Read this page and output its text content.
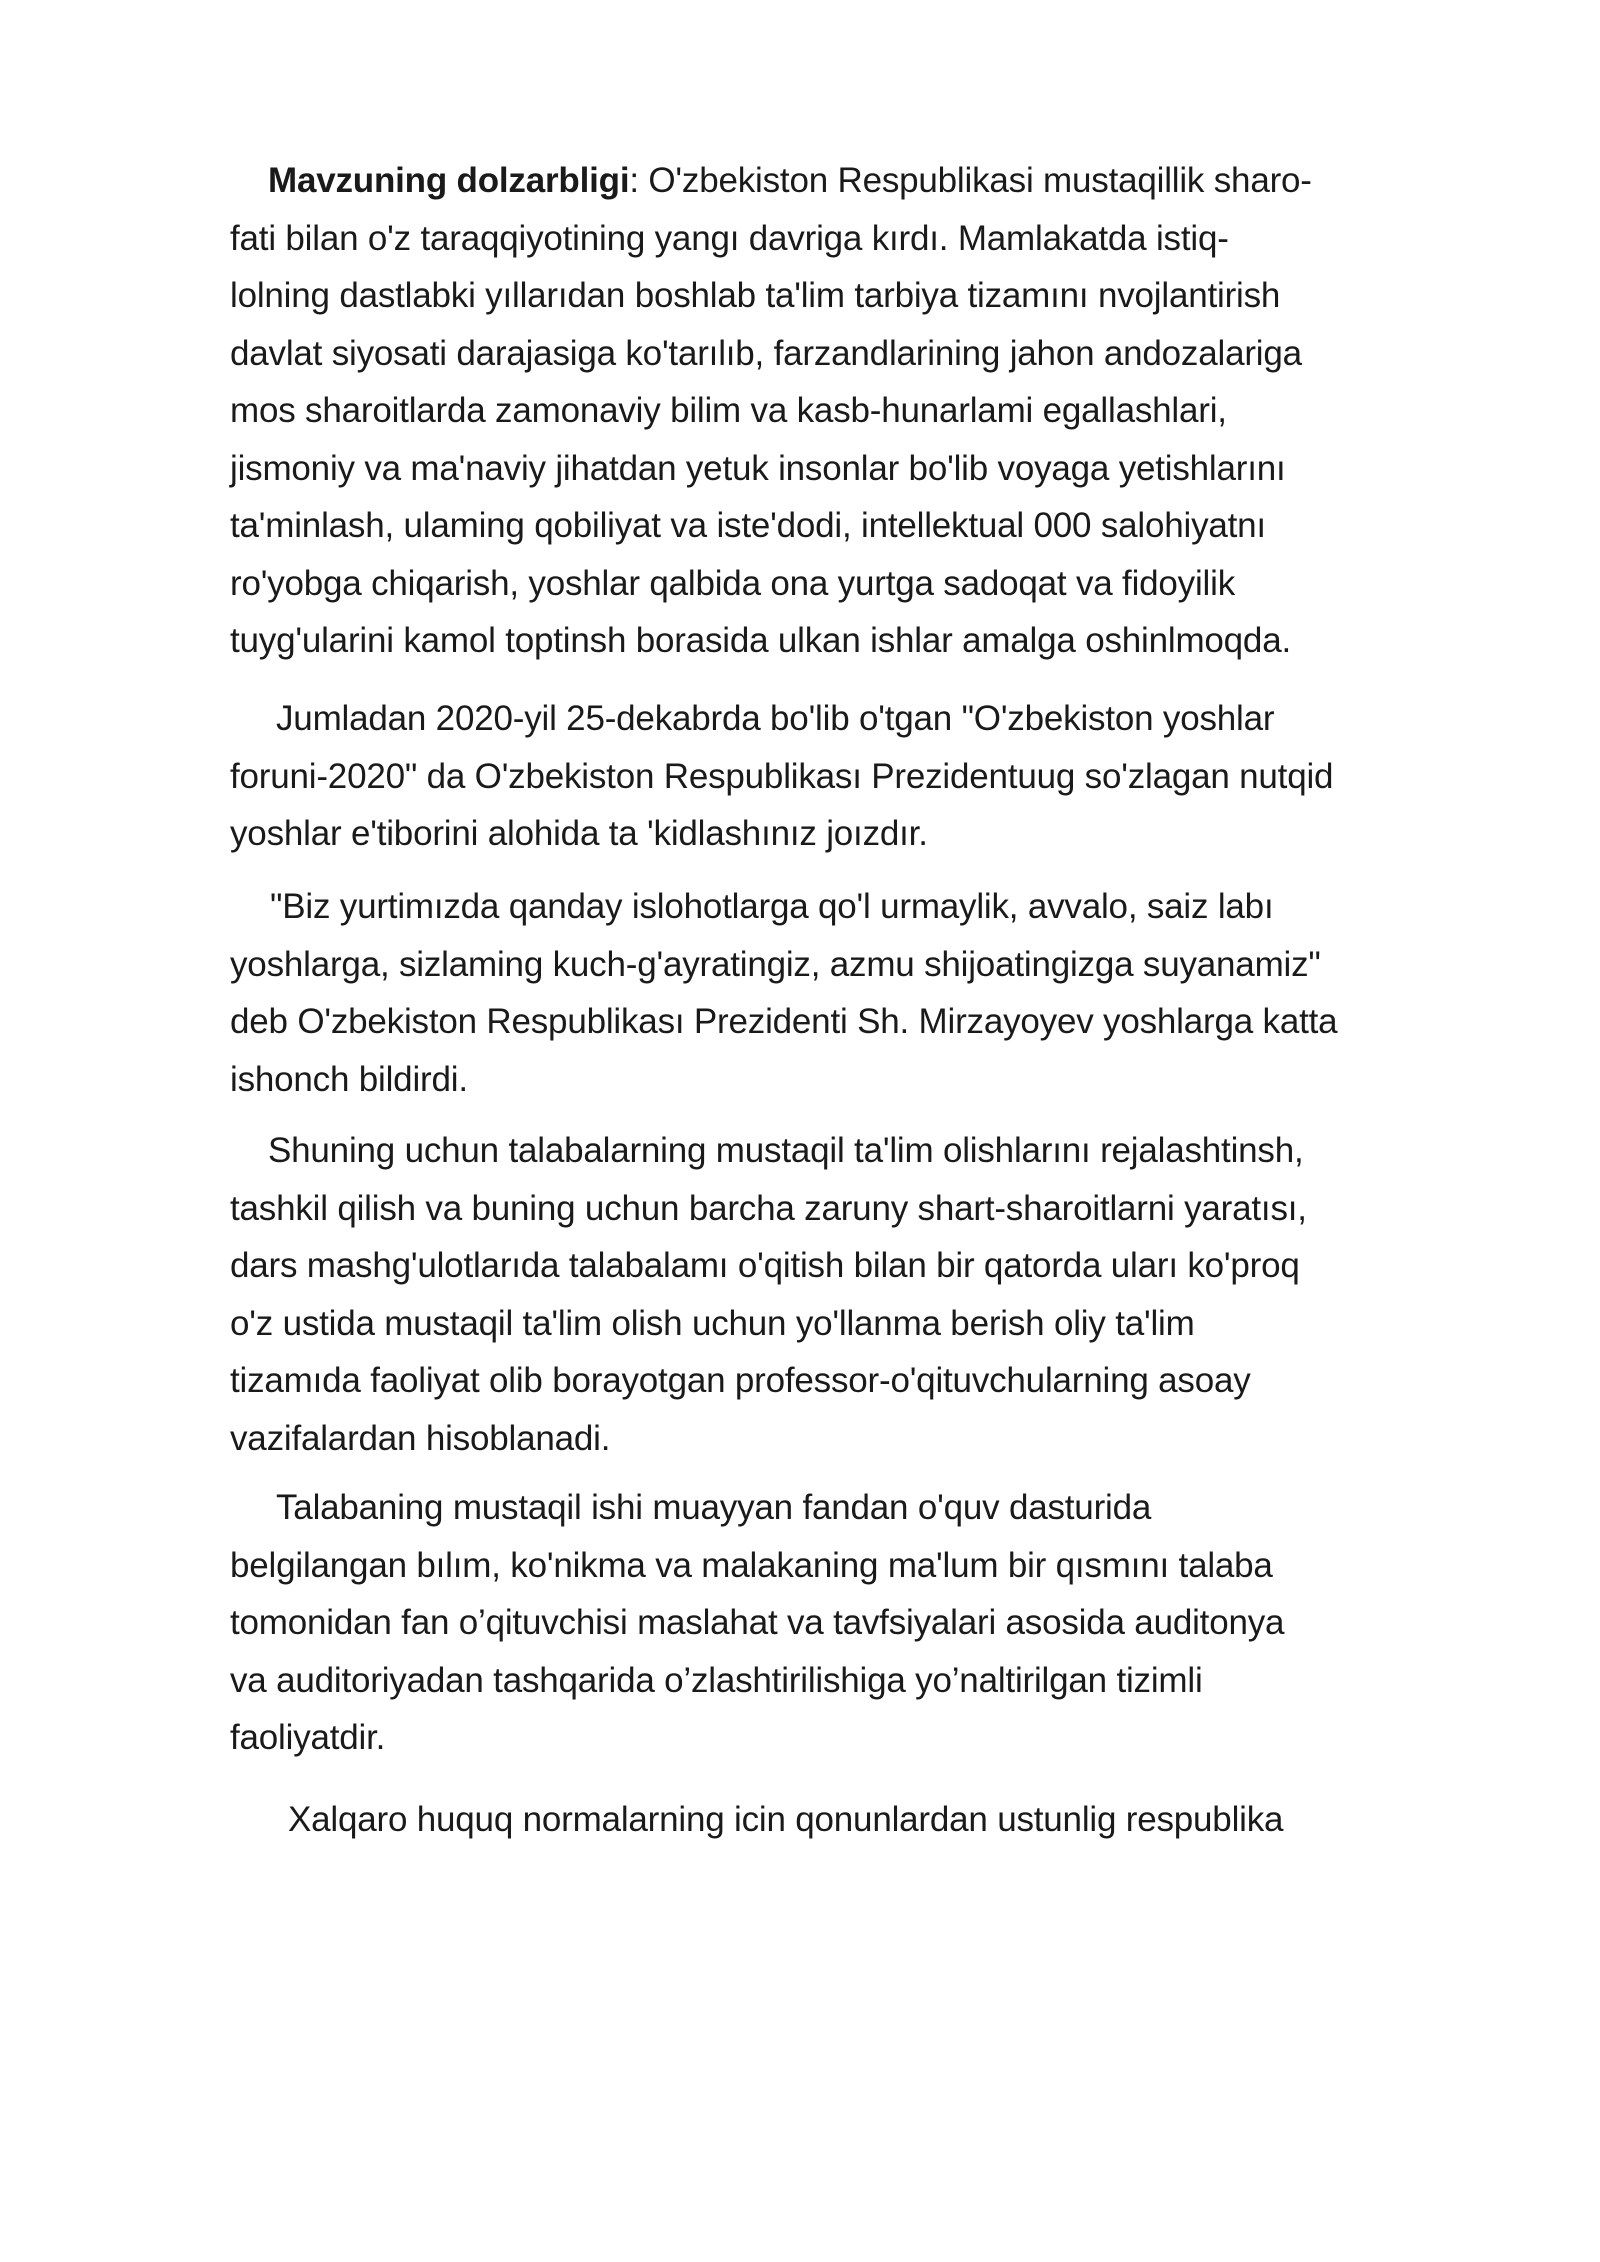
Mavzuning dolzarbligi: O'zbekiston Respublikasi mustaqillik sharo-
fati bilan o'z taraqqiyotining yangı davriga kırdı. Mamlakatda istiq-
lolning dastlabki yıllarıdan boshlab ta'lim tarbiya tizamını nvojlantirish
davlat siyosati darajasiga ko'tarılıb, farzandlarining jahon andozalariga
mos sharoitlarda zamonaviy bilim va kasb-hunarlami egallashlari,
jismoniy va ma'naviy jihatdan yetuk insonlar bo'lib voyaga yetishlarını
ta'minlash, ulaming qobiliyat va iste'dodi, intellektual 000 salohiyatnı
ro'yobga chiqarish, yoshlar qalbida ona yurtga sadoqat va fidoyilik
tuyg'ularini kamol toptinsh borasida ulkan ishlar amalga oshinlmoqda.
Jumladan 2020-yil 25-dekabrda bo'lib o'tgan "O'zbekiston yoshlar
foruni-2020" da O'zbekiston Respublikası Prezidentuug so'zlagan nutqid
yoshlar e'tiborini alohida ta 'kidlashınız joızdır.
"Biz yurtimızda qanday islohotlarga qo'l urmaylik, avvalo, saiz labı
yoshlarga, sizlaming kuch-g'ayratingiz, azmu shijoatingizga suyanamiz"
deb O'zbekiston Respublikası Prezidenti Sh. Mirzayoyev yoshlarga katta
ishonch bildirdi.
Shuning uchun talabalarning mustaqil ta'lim olishlarını rejalashtinsh,
tashkil qilish va buning uchun barcha zaruny shart-sharoitlarni yaratısı,
dars mashg'ulotlarıda talabalamı o'qitish bilan bir qatorda uları ko'proq
o'z ustida mustaqil ta'lim olish uchun yo'llanma berish oliy ta'lim
tizamıda faoliyat olib borayotgan professor-o'qituvchularning asoay
vazifalardan hisoblanadi.
Talabaning mustaqil ishi muayyan fandan o'quv dasturida
belgilangan bılım, ko'nikma va malakaning ma'lum bir qısmını talaba
tomonidan fan o’qituvchisi maslahat va tavfsiyalari asosida auditonya
va auditoriyadan tashqarida o’zlashtirilishiga yo’naltirilgan tizimli
faoliyatdir.
Xalqaro huquq normalarning icin qonunlardan ustunlig respublika
